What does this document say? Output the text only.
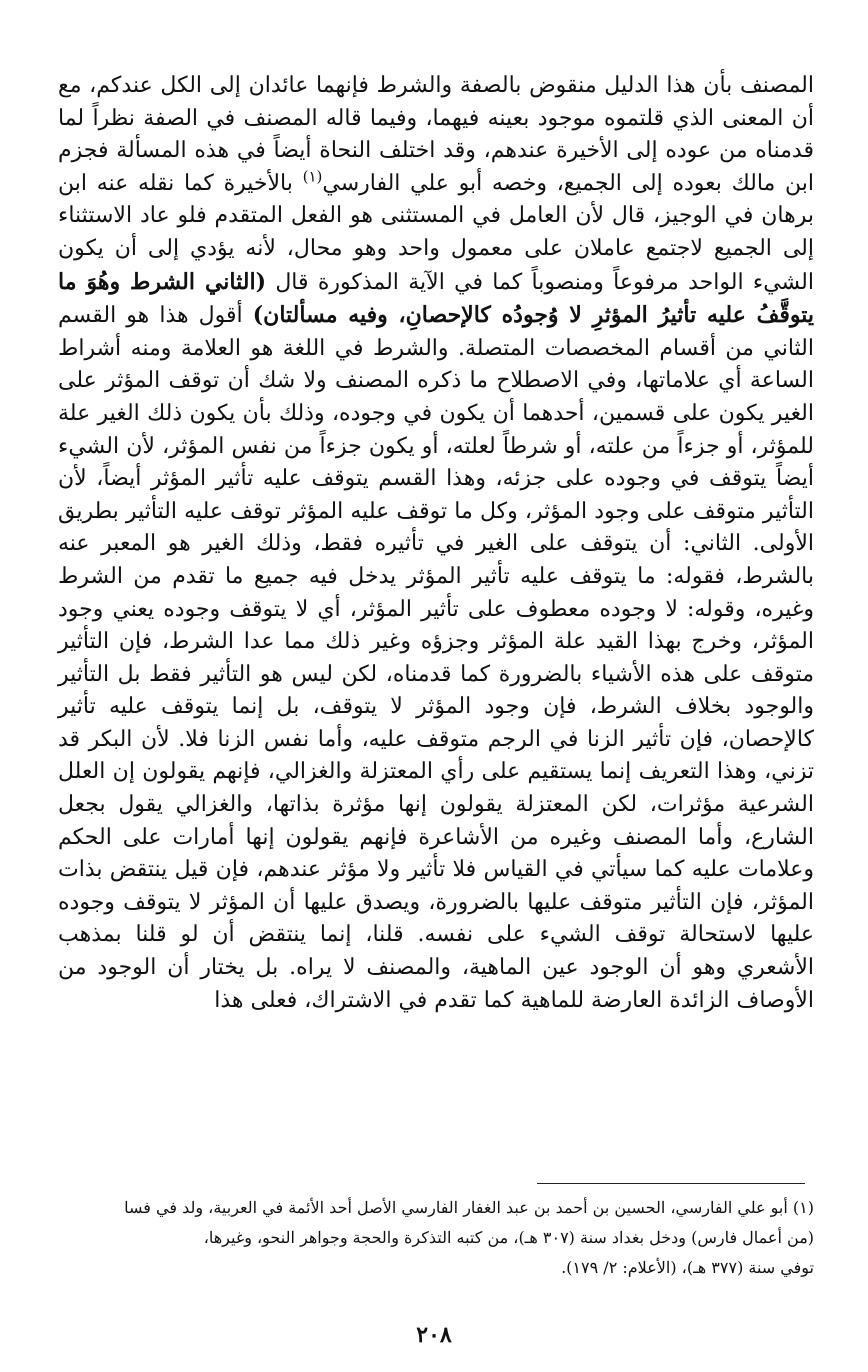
المصنف بأن هذا الدليل منقوض بالصفة والشرط فإنهما عائدان إلى الكل عندكم، مع أن المعنى الذي قلتموه موجود بعينه فيهما، وفيما قاله المصنف في الصفة نظراً لما قدمناه من عوده إلى الأخيرة عندهم، وقد اختلف النحاة أيضاً في هذه المسألة فجزم ابن مالك بعوده إلى الجميع، وخصه أبو علي الفارسي$^{(١)}$ بالأخيرة كما نقله عنه ابن برهان في الوجيز، قال لأن العامل في المستثنى هو الفعل المتقدم فلو عاد الاستثناء إلى الجميع لاجتمع عاملان على معمول واحد وهو محال، لأنه يؤدي إلى أن يكون الشيء الواحد مرفوعاً ومنصوباً كما في الآية المذكورة قال (الثاني الشرط وهُوَ ما يتوقَّفُ عليه تأثيرُ المؤثرِ لا وُجودُه كالإحصانِ، وفيه مسألتان) أقول هذا هو القسم الثاني من أقسام المخصصات المتصلة. والشرط في اللغة هو العلامة ومنه أشراط الساعة أي علاماتها، وفي الاصطلاح ما ذكره المصنف ولا شك أن توقف المؤثر على الغير يكون على قسمين، أحدهما أن يكون في وجوده، وذلك بأن يكون ذلك الغير علة للمؤثر، أو جزءاً من علته، أو شرطاً لعلته، أو يكون جزءاً من نفس المؤثر، لأن الشيء أيضاً يتوقف في وجوده على جزئه، وهذا القسم يتوقف عليه تأثير المؤثر أيضاً، لأن التأثير متوقف على وجود المؤثر، وكل ما توقف عليه المؤثر توقف عليه التأثير بطريق الأولى. الثاني: أن يتوقف على الغير في تأثيره فقط، وذلك الغير هو المعبر عنه بالشرط، فقوله: ما يتوقف عليه تأثير المؤثر يدخل فيه جميع ما تقدم من الشرط وغيره، وقوله: لا وجوده معطوف على تأثير المؤثر، أي لا يتوقف وجوده يعني وجود المؤثر، وخرج بهذا القيد علة المؤثر وجزؤه وغير ذلك مما عدا الشرط، فإن التأثير متوقف على هذه الأشياء بالضرورة كما قدمناه، لكن ليس هو التأثير فقط بل التأثير والوجود بخلاف الشرط، فإن وجود المؤثر لا يتوقف، بل إنما يتوقف عليه تأثير كالإحصان، فإن تأثير الزنا في الرجم متوقف عليه، وأما نفس الزنا فلا. لأن البكر قد تزني، وهذا التعريف إنما يستقيم على رأي المعتزلة والغزالي، فإنهم يقولون إن العلل الشرعية مؤثرات، لكن المعتزلة يقولون إنها مؤثرة بذاتها، والغزالي يقول بجعل الشارع، وأما المصنف وغيره من الأشاعرة فإنهم يقولون إنها أمارات على الحكم وعلامات عليه كما سيأتي في القياس فلا تأثير ولا مؤثر عندهم، فإن قيل ينتقض بذات المؤثر، فإن التأثير متوقف عليها بالضرورة، ويصدق عليها أن المؤثر لا يتوقف وجوده عليها لاستحالة توقف الشيء على نفسه. قلنا، إنما ينتقض أن لو قلنا بمذهب الأشعري وهو أن الوجود عين الماهية، والمصنف لا يراه. بل يختار أن الوجود من الأوصاف الزائدة العارضة للماهية كما تقدم في الاشتراك، فعلى هذا

(١) أبو علي الفارسي، الحسين بن أحمد بن عبد الغفار الفارسي الأصل أحد الأئمة في العربية، ولد في فسا

(من أعمال فارس) ودخل بغداد سنة (٣٠٧ هـ)، من كتبه التذكرة والحجة وجواهر النحو، وغيرها،

توفي سنة (٣٧٧ هـ)، (الأعلام: ٢/ ١٧٩).

٢٠٨
